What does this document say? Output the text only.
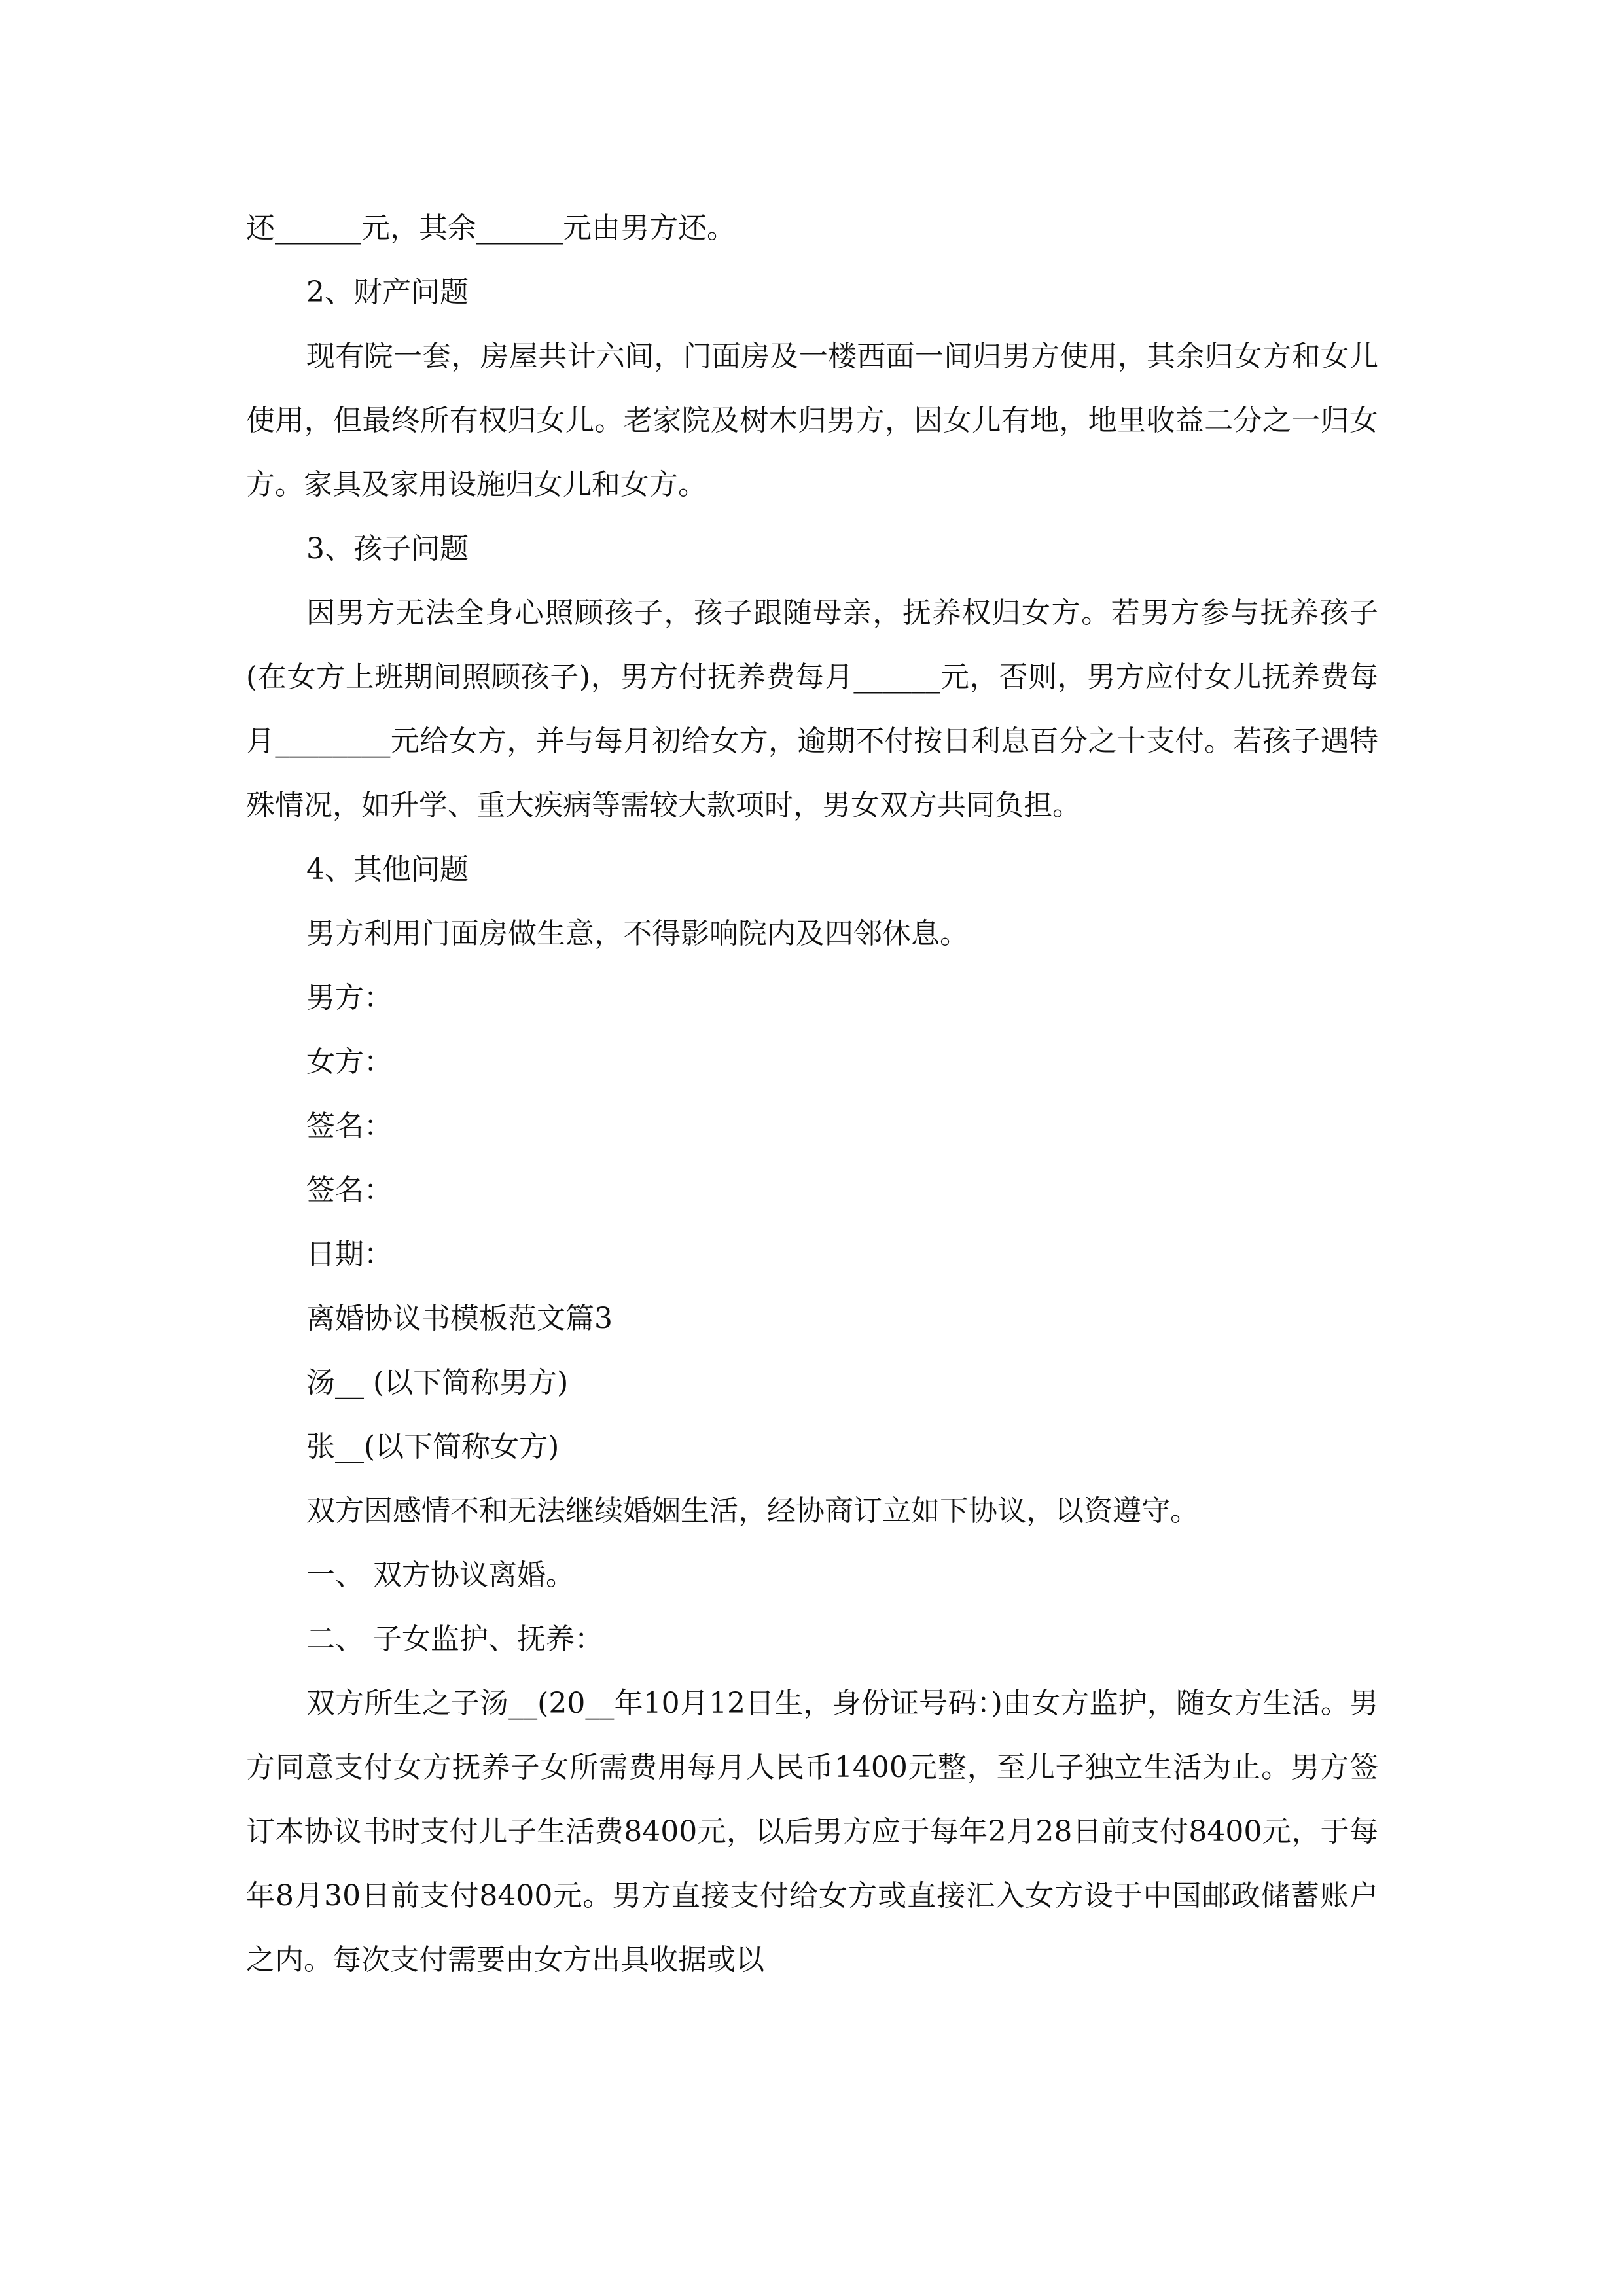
还______元，其余______元由男方还。

2、财产问题

现有院一套，房屋共计六间，门面房及一楼西面一间归男方使用，其余归女方和女儿使用，但最终所有权归女儿。老家院及树木归男方，因女儿有地，地里收益二分之一归女方。家具及家用设施归女儿和女方。

3、孩子问题

因男方无法全身心照顾孩子，孩子跟随母亲，抚养权归女方。若男方参与抚养孩子(在女方上班期间照顾孩子)，男方付抚养费每月______元，否则，男方应付女儿抚养费每月________元给女方，并与每月初给女方，逾期不付按日利息百分之十支付。若孩子遇特殊情况，如升学、重大疾病等需较大款项时，男女双方共同负担。

4、其他问题

男方利用门面房做生意，不得影响院内及四邻休息。

男方：

女方：

签名：

签名：

日期：

离婚协议书模板范文篇3

汤__ (以下简称男方)

张__(以下简称女方)

双方因感情不和无法继续婚姻生活，经协商订立如下协议，以资遵守。

一、 双方协议离婚。

二、 子女监护、抚养：

双方所生之子汤__(20__年10月12日生，身份证号码：)由女方监护，随女方生活。男方同意支付女方抚养子女所需费用每月人民币1400元整，至儿子独立生活为止。男方签订本协议书时支付儿子生活费8400元，以后男方应于每年2月28日前支付8400元，于每年8月30日前支付8400元。男方直接支付给女方或直接汇入女方设于中国邮政储蓄账户之内。每次支付需要由女方出具收据或以
